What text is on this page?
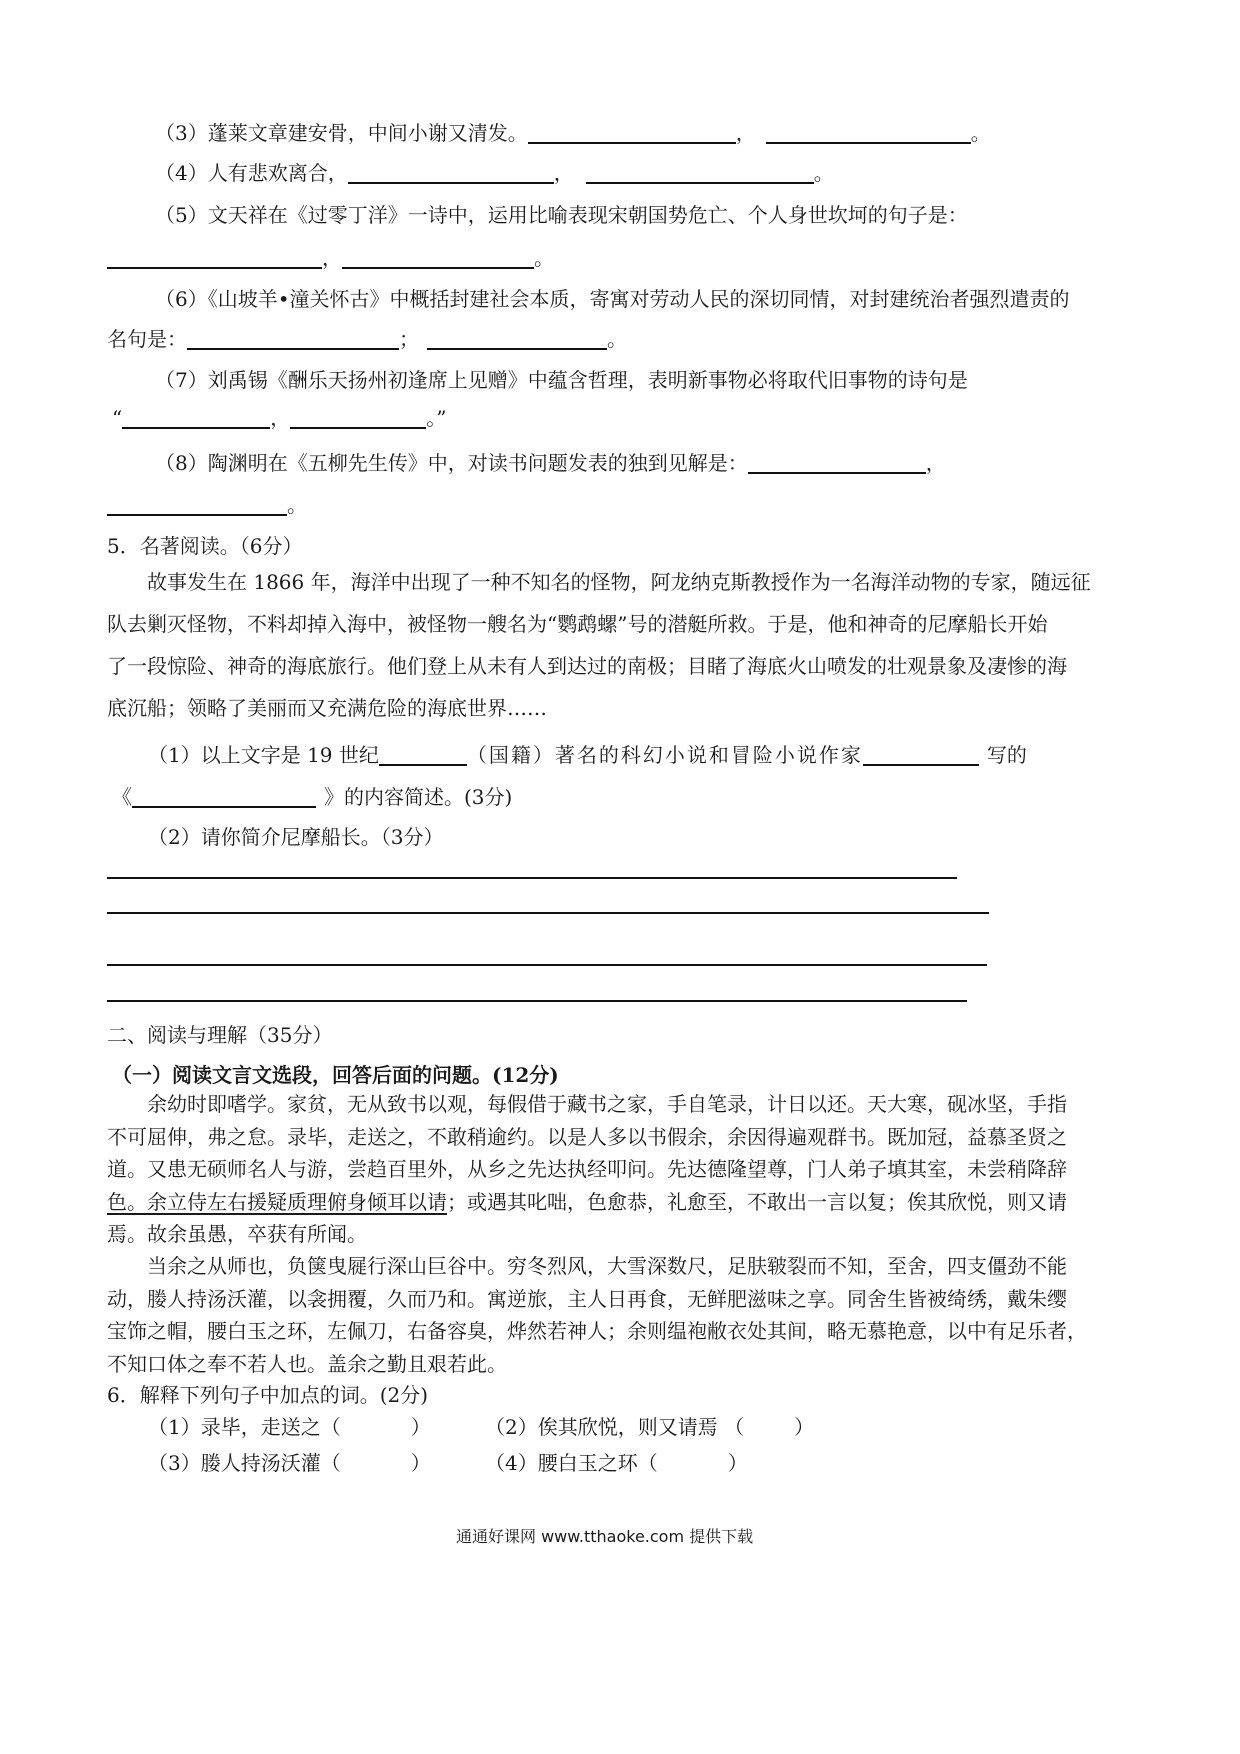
（3）蓬莱文章建安骨，中间小谢又清发。	，	。
（4）人有悲欢离合，	，	。
（5）文天祥在《过零丁洋》一诗中，运用比喻表现宋朝国势危亡、个人身世坎坷的句子是：
，	。
（6）《山坡羊•潼关怀古》中概括封建社会本质，寄寓对劳动人民的深切同情，对封建统治者强烈遣责的
名句是：	；	。
（7）刘禹锡《酬乐天扬州初逢席上见赠》中蕴含哲理，表明新事物必将取代旧事物的诗句是
“	，	。”
（8）陶渊明在《五柳先生传》中，对读书问题发表的独到见解是：	，
。
5．名著阅读。（6分）
故事发生在 1866 年，海洋中出现了一种不知名的怪物，阿龙纳克斯教授作为一名海洋动物的专家，随远征
队去剿灭怪物，不料却掉入海中，被怪物一艘名为“鹦鹉螺”号的潜艇所救。于是，他和神奇的尼摩船长开始
了一段惊险、神奇的海底旅行。他们登上从未有人到达过的南极；目睹了海底火山喷发的壮观景象及凄惨的海
底沉船；领略了美丽而又充满危险的海底世界……
（1）以上文字是 19 世纪	（国籍）著名的科幻小说和冒险小说作家	写的
《	》的内容简述。(3分)
（2）请你简介尼摩船长。（3分）
二、阅读与理解（35分）
（一）阅读文言文选段，回答后面的问题。(12分)
余幼时即嗜学。家贫，无从致书以观，每假借于藏书之家，手自笔录，计日以还。天大寒，砚冰坚，手指
不可屈伸，弗之怠。录毕，走送之，不敢稍逾约。以是人多以书假余，余因得遍观群书。既加冠，益慕圣贤之
道。又患无硕师名人与游，尝趋百里外，从乡之先达执经叩问。先达德隆望尊，门人弟子填其室，未尝稍降辞
色。余立侍左右援疑质理俯身倾耳以请；或遇其叱咄，色愈恭，礼愈至，不敢出一言以复；俟其欣悦，则又请
焉。故余虽愚，卒获有所闻。
当余之从师也，负箧曳屣行深山巨谷中。穷冬烈风，大雪深数尺，足肤皲裂而不知，至舍，四支僵劲不能
动，媵人持汤沃灌，以衾拥覆，久而乃和。寓逆旅，主人日再食，无鲜肥滋味之享。同舍生皆被绮绣，戴朱缨
宝饰之帽，腰白玉之环，左佩刀，右备容臭，烨然若神人；余则缊袍敝衣处其间，略无慕艳意，以中有足乐者，
不知口体之奉不若人也。盖余之勤且艰若此。
6．解释下列句子中加点的词。(2分)
（1）录毕，走送之（	）	（2）俟其欣悦，则又请焉 （	）
（3）媵人持汤沃灌（	）	（4）腰白玉之环（	）
通通好课网 www.tthaoke.com 提供下载
